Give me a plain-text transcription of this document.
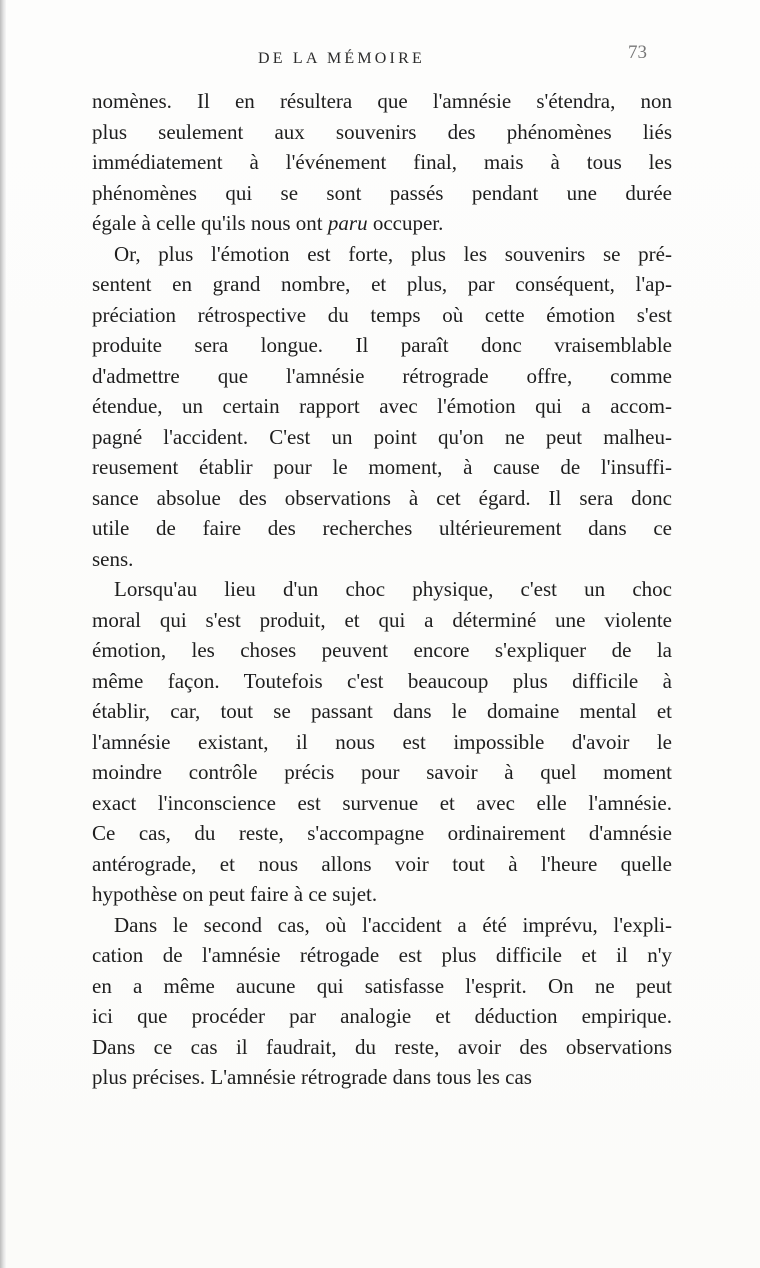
DE LA MÉMOIRE	73
nomènes. Il en résultera que l'amnésie s'étendra, non
plus seulement aux souvenirs des phénomènes liés
immédiatement à l'événement final, mais à tous les
phénomènes qui se sont passés pendant une durée
égale à celle qu'ils nous ont paru occuper.
Or, plus l'émotion est forte, plus les souvenirs se pré-
sentent en grand nombre, et plus, par conséquent, l'ap-
préciation rétrospective du temps où cette émotion s'est
produite sera longue. Il paraît donc vraisemblable
d'admettre que l'amnésie rétrograde offre, comme
étendue, un certain rapport avec l'émotion qui a accom-
pagné l'accident. C'est un point qu'on ne peut malheu-
reusement établir pour le moment, à cause de l'insuffi-
sance absolue des observations à cet égard. Il sera donc
utile de faire des recherches ultérieurement dans ce
sens.
Lorsqu'au lieu d'un choc physique, c'est un choc
moral qui s'est produit, et qui a déterminé une violente
émotion, les choses peuvent encore s'expliquer de la
même façon. Toutefois c'est beaucoup plus difficile à
établir, car, tout se passant dans le domaine mental et
l'amnésie existant, il nous est impossible d'avoir le
moindre contrôle précis pour savoir à quel moment
exact l'inconscience est survenue et avec elle l'amnésie.
Ce cas, du reste, s'accompagne ordinairement d'amnésie
antérograde, et nous allons voir tout à l'heure quelle
hypothèse on peut faire à ce sujet.
Dans le second cas, où l'accident a été imprévu, l'expli-
cation de l'amnésie rétrogade est plus difficile et il n'y
en a même aucune qui satisfasse l'esprit. On ne peut
ici que procéder par analogie et déduction empirique.
Dans ce cas il faudrait, du reste, avoir des observations
plus précises. L'amnésie rétrograde dans tous les cas
